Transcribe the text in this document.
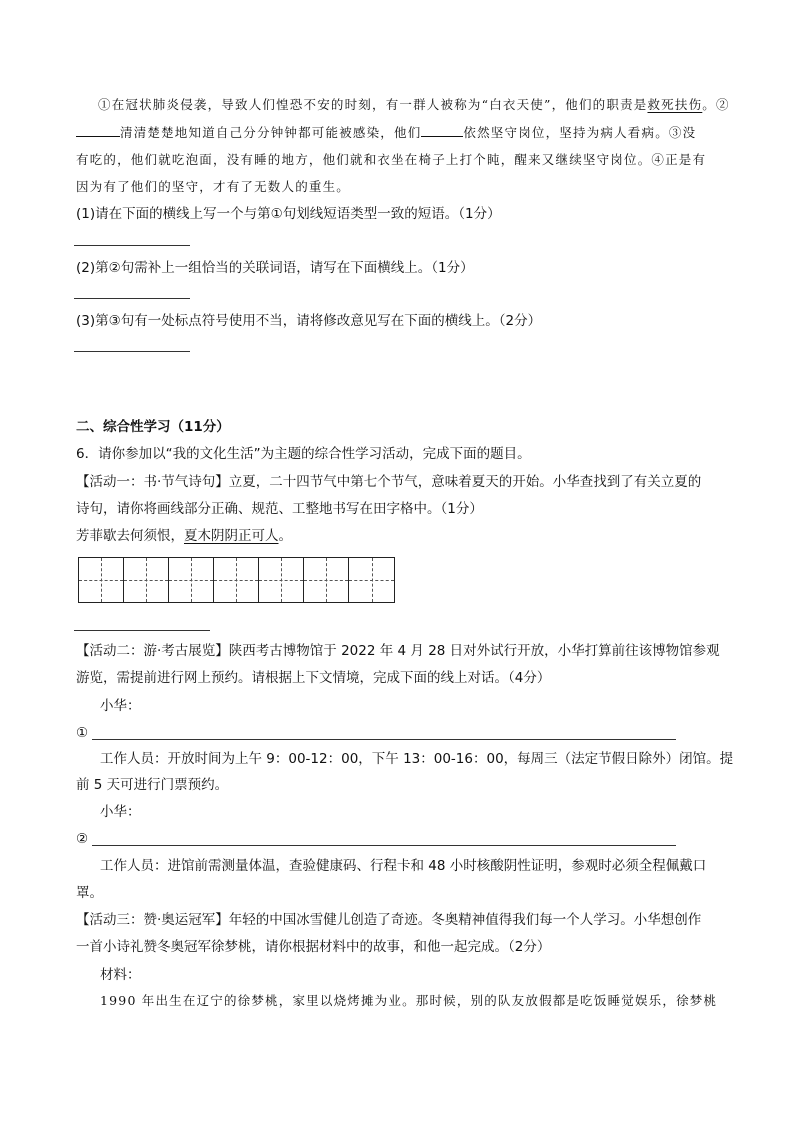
①在冠状肺炎侵袭，导致人们惶恐不安的时刻，有一群人被称为“白衣天使”，他们的职责是救死扶伤。②
清清楚楚地知道自己分分钟钟都可能被感染，他们	依然坚守岗位，坚持为病人看病。③没
有吃的，他们就吃泡面，没有睡的地方，他们就和衣坐在椅子上打个盹，醒来又继续坚守岗位。④正是有
因为有了他们的坚守，才有了无数人的重生。
(1)请在下面的横线上写一个与第①句划线短语类型一致的短语。（1分）
(2)第②句需补上一组恰当的关联词语，请写在下面横线上。（1分）
(3)第③句有一处标点符号使用不当，请将修改意见写在下面的横线上。（2分）
二、综合性学习（11分）
6．请你参加以“我的文化生活”为主题的综合性学习活动，完成下面的题目。
【活动一：书·节气诗句】立夏，二十四节气中第七个节气，意味着夏天的开始。小华查找到了有关立夏的
诗句，请你将画线部分正确、规范、工整地书写在田字格中。（1分）
芳菲歇去何须恨，夏木阴阴正可人。
【活动二：游·考古展览】陕西考古博物馆于 2022 年 4 月 28 日对外试行开放，小华打算前往该博物馆参观
游览，需提前进行网上预约。请根据上下文情境，完成下面的线上对话。（4分）
小华：
①
工作人员：开放时间为上午 9：00-12：00，下午 13：00-16：00，每周三（法定节假日除外）闭馆。提
前 5 天可进行门票预约。
小华：
②
工作人员：进馆前需测量体温，查验健康码、行程卡和 48 小时核酸阴性证明，参观时必须全程佩戴口
罩。
【活动三：赞·奥运冠军】年轻的中国冰雪健儿创造了奇迹。冬奥精神值得我们每一个人学习。小华想创作
一首小诗礼赞冬奥冠军徐梦桃，请你根据材料中的故事，和他一起完成。（2分）
材料：
1990 年出生在辽宁的徐梦桃，家里以烧烤摊为业。那时候，别的队友放假都是吃饭睡觉娱乐，徐梦桃
